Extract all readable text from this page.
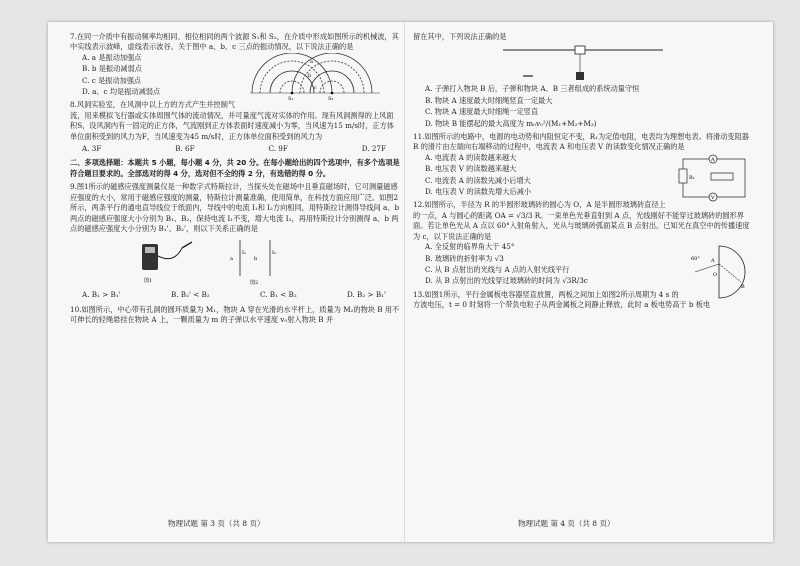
7.在同一介质中有振动频率均相同、相位相同的两个波源 S₁和 S₂，在介质中形成如图所示的机械波，其中实线表示波峰，虚线表示波谷。关于图中 a、b、c 三点的振动情况，以下说法正确的是
a
b
c
S₁	S₂
A. a 是振动加强点
B. b 是振动减弱点
C. c 是振动加强点
D. a、c 均是振动减弱点
8.风洞实验室，在风洞中以上方的方式产生并控制气流，用来模拟飞行器或实体周围气体的流动情况，并可量度气流对实体的作用。现有风洞测得的上风面积S，设风洞内有一固定的正方体，气流刚到正方体表面时速度减小为零，当风速为15 m/s时，正方体单位面积受到的风力为F，当风速变为45 m/s时，正方体单位面积受到的风力为
A. 3F	B. 6F	C. 9F	D. 27F
二、多项选择题：本题共 5 小题，每小题 4 分，共 20 分。在每小题给出的四个选项中，有多个选项是符合题目要求的。全部选对的得 4 分，选对但不全的得 2 分，有选错的得 0 分。
9.图1所示的磁感应强度测量仪是一种数字式特斯拉计，当探头处在磁场中且垂直磁场时，它可测量磁感应强度的大小，常用于磁感应强度的测量，特斯拉计测量准确，使用简单，在科技方面应用广泛。如图2所示，两条平行的通电直导线位于纸面内，导线中的电流 I₁和 I₂方向相同，用特斯拉计测得导线间 a、b 两点的磁感应强度大小分别为 B₁、B₂，保持电流 I₁不变，增大电流 I₂，再用特斯拉计分别测得 a、b 两点的磁感应强度大小分别为 B₁'、B₂'，则以下关系正确的是
图1
a
I₁
b
I₂
图2
A. B₁ > B₁'	B. B₂' < B₂	C. B₁ < B₂	D. B₂ > B₁'
10.如图所示，中心带有孔洞的圆环质量为 M₁，物块 A 穿在光滑的水平杆上，质量为 M₂的物块 B 用不可伸长的轻绳悬挂在物块 A 上，一颗质量为 m 的子弹以水平速度 v₀射入物块 B 并
物理试题 第 3 页（共 8 页）
留在其中，下列说法正确的是
A. 子弹打入物块 B 后，子弹和物块 A、B 三者组成的系统动量守恒
B. 物块 A 速度最大时细绳竖直一定最大
C. 物块 A 速度最大时细绳一定竖直
D. 物块 B 能摆起的最大高度为 m₀v₀²/(M₁+M₂+M₃)
11.如图所示的电路中，电源的电动势和内阻恒定不变，R₁为定值电阻，电表均为理想电表。将滑动变阻器 R 的滑片由左端向右端移动的过程中，电流表 A 和电压表 V 的读数变化情况正确的是
A
R₁
V
A. 电流表 A 的读数越来越大
B. 电压表 V 的读数越来越大
C. 电流表 A 的读数先减小后增大
D. 电压表 V 的读数先增大后减小
12.如图所示，半径为 R 的半圆形玻璃砖的圆心为 O，A 是半圆形玻璃砖直径上的一点，A 与圆心的距离 OA = √3/3 R。一束单色光垂直射到 A 点，光线刚好不能穿过玻璃砖的圆形界面。若让单色光从 A 点以 60°入射角射入，光从与玻璃砖弧面某点 B 点射出。已知光在真空中的传播速度为 c，以下说法正确的是
60° A
O
B
A. 全反射的临界角大于 45°
B. 玻璃砖的折射率为 √3
C. 从 B 点射出的光线与 A 点的入射光线平行
D. 从 B 点射出的光线穿过玻璃砖的时间为 √3R/3c
13.如图1所示，平行金属板电容器竖直放置，两板之间加上如图2所示周期为 4 s 的方波电压，t = 0 时刻将一个带负电粒子从两金属板之间静止释放，此时 a 板电势高于 b 板电
物理试题 第 4 页（共 8 页）
